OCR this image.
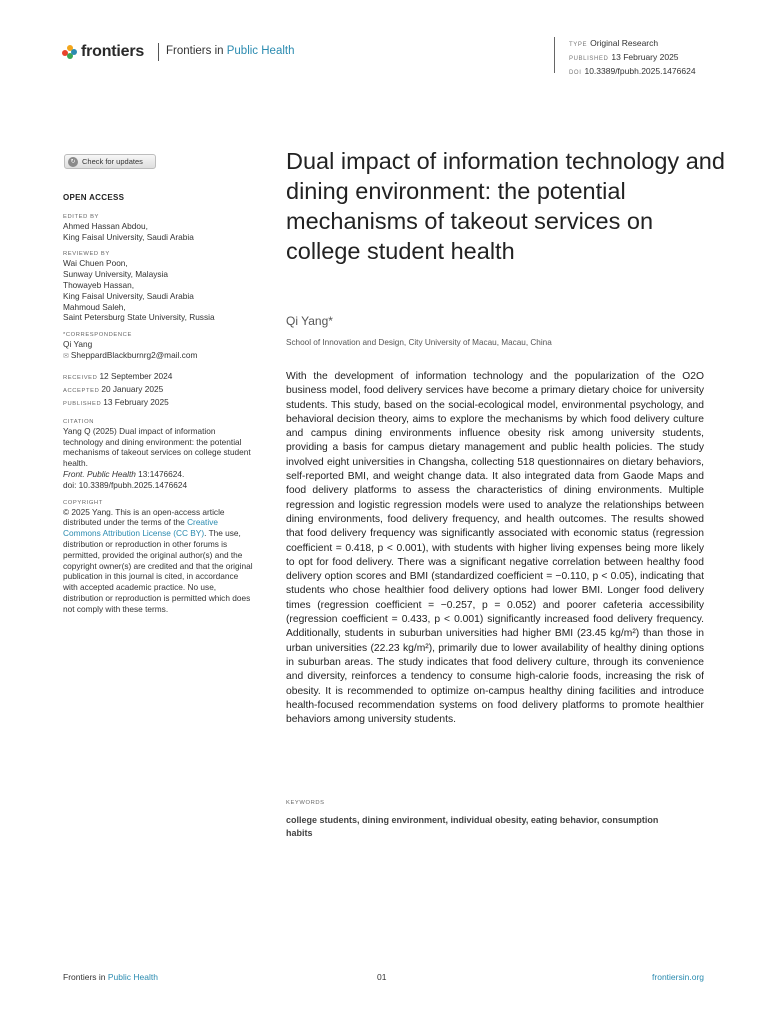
frontiers Frontiers in Public Health	TYPE Original Research
PUBLISHED 13 February 2025
DOI 10.3389/fpubh.2025.1476624
↻ Check for updates
OPEN ACCESS
EDITED BY
Ahmed Hassan Abdou,
King Faisal University, Saudi Arabia
REVIEWED BY
Wai Chuen Poon,
Sunway University, Malaysia
Thowayeb Hassan,
King Faisal University, Saudi Arabia
Mahmoud Saleh,
Saint Petersburg State University, Russia
*CORRESPONDENCE
Qi Yang
✉ SheppardBlackburnrg2@mail.com
RECEIVED 12 September 2024
ACCEPTED 20 January 2025
PUBLISHED 13 February 2025
CITATION
Yang Q (2025) Dual impact of information technology and dining environment: the potential mechanisms of takeout services on college student health.
Front. Public Health 13:1476624.
doi: 10.3389/fpubh.2025.1476624
COPYRIGHT
© 2025 Yang. This is an open-access article distributed under the terms of the Creative Commons Attribution License (CC BY). The use, distribution or reproduction in other forums is permitted, provided the original author(s) and the copyright owner(s) are credited and that the original publication in this journal is cited, in accordance with accepted academic practice. No use, distribution or reproduction is permitted which does not comply with these terms.
Dual impact of information technology and dining environment: the potential mechanisms of takeout services on college student health
Qi Yang*
School of Innovation and Design, City University of Macau, Macau, China

With the development of information technology and the popularization of the O2O business model, food delivery services have become a primary dietary choice for university students. This study, based on the social-ecological model, environmental psychology, and behavioral decision theory, aims to explore the mechanisms by which food delivery culture and campus dining environments influence obesity risk among university students, providing a basis for campus dietary management and public health policies. The study involved eight universities in Changsha, collecting 518 questionnaires on dietary behaviors, self-reported BMI, and weight change data. It also integrated data from Gaode Maps and food delivery platforms to assess the characteristics of dining environments. Multiple regression and logistic regression models were used to analyze the relationships between dining environments, food delivery frequency, and health outcomes. The results showed that food delivery frequency was significantly associated with economic status (regression coefficient = 0.418, p < 0.001), with students with higher living expenses being more likely to opt for food delivery. There was a significant negative correlation between healthy food delivery option scores and BMI (standardized coefficient = −0.110, p < 0.05), indicating that students who chose healthier food delivery options had lower BMI. Longer food delivery times (regression coefficient = −0.257, p = 0.052) and poorer cafeteria accessibility (regression coefficient = 0.433, p < 0.001) significantly increased food delivery frequency. Additionally, students in suburban universities had higher BMI (23.45 kg/m²) than those in urban universities (22.23 kg/m²), primarily due to lower availability of healthy dining options in suburban areas. The study indicates that food delivery culture, through its convenience and diversity, reinforces a tendency to consume high-calorie foods, increasing the risk of obesity. It is recommended to optimize on-campus healthy dining facilities and introduce health-focused recommendation systems on food delivery platforms to promote healthier behaviors among university students.

KEYWORDS
college students, dining environment, individual obesity, eating behavior, consumption habits
Frontiers in Public Health	01	frontiersin.org
